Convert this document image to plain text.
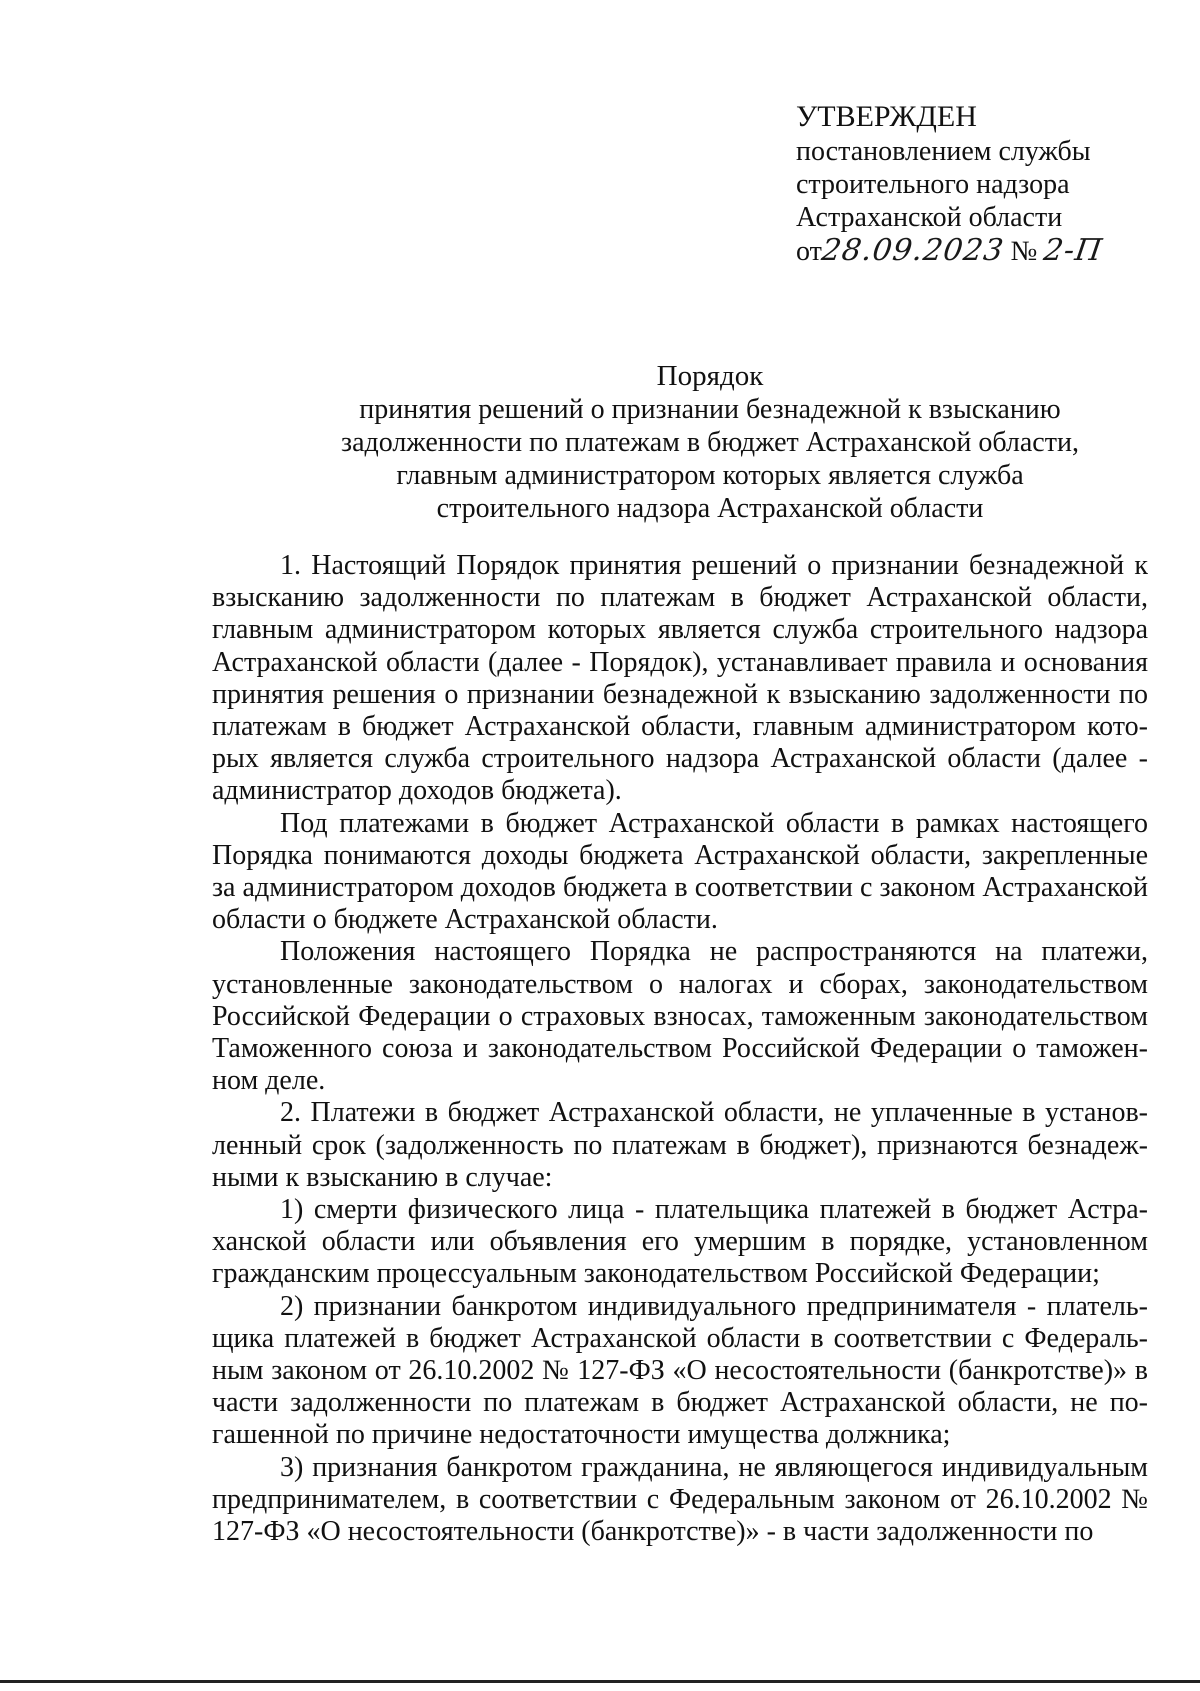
УТВЕРЖДЕН
постановлением службы
строительного надзора
Астраханской области
от28.09.2023 № 2-П
Порядок
принятия решений о признании безнадежной к взысканию
задолженности по платежам в бюджет Астраханской области,
главным администратором которых является служба
строительного надзора Астраханской области

1. Настоящий Порядок принятия решений о признании безнадежной к взысканию задолженности по платежам в бюджет Астраханской области, главным администратором которых является служба строительного надзора Астраханской области (далее - Порядок), устанавливает правила и основания принятия решения о признании безнадежной к взысканию задолженности по платежам в бюджет Астраханской области, главным администратором которых является служба строительного надзора Астраханской области (далее - администратор доходов бюджета).

Под платежами в бюджет Астраханской области в рамках настоящего Порядка понимаются доходы бюджета Астраханской области, закрепленные за администратором доходов бюджета в соответствии с законом Астраханской области о бюджете Астраханской области.

Положения настоящего Порядка не распространяются на платежи, установленные законодательством о налогах и сборах, законодательством Российской Федерации о страховых взносах, таможенным законодательством Таможенного союза и законодательством Российской Федерации о таможенном деле.

2. Платежи в бюджет Астраханской области, не уплаченные в установленный срок (задолженность по платежам в бюджет), признаются безнадежными к взысканию в случае:

1) смерти физического лица - плательщика платежей в бюджет Астраханской области или объявления его умершим в порядке, установленном гражданским процессуальным законодательством Российской Федерации;

2) признании банкротом индивидуального предпринимателя - плательщика платежей в бюджет Астраханской области в соответствии с Федеральным законом от 26.10.2002 № 127-ФЗ «О несостоятельности (банкротстве)» в части задолженности по платежам в бюджет Астраханской области, не погашенной по причине недостаточности имущества должника;

3) признания банкротом гражданина, не являющегося индивидуальным предпринимателем, в соответствии с Федеральным законом от 26.10.2002 № 127-ФЗ «О несостоятельности (банкротстве)» - в части задолженности по
